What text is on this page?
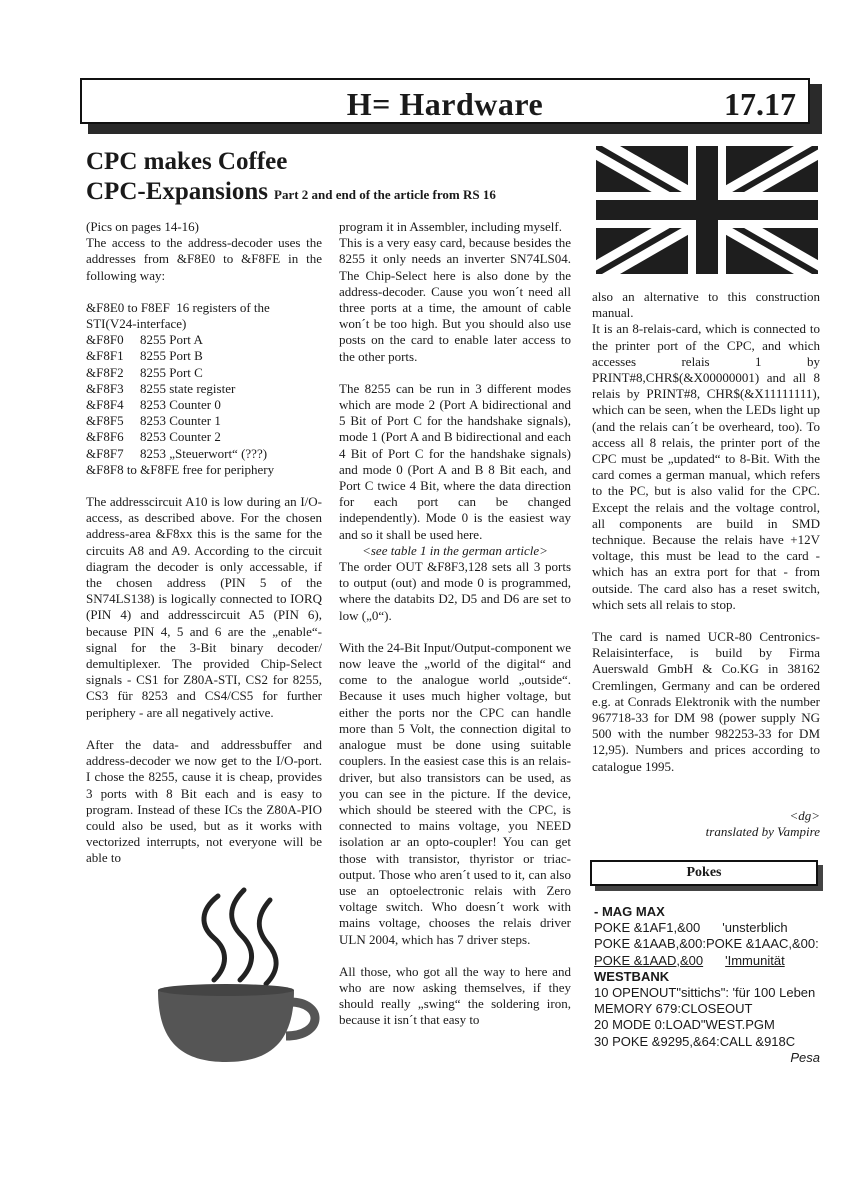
H= Hardware	17.17
CPC makes Coffee
CPC-Expansions Part 2 and end of the article from RS 16

(Pics on pages 14-16)

The access to the address-decoder uses the addresses from &F8E0 to &F8FE in the following way:

&F8E0 to F8EF 16 registers of the STI(V24-interface)

&F8F0	8255 Port A
&F8F1	8255 Port B
&F8F2	8255 Port C
&F8F3	8255 state register
&F8F4	8253 Counter 0
&F8F5	8253 Counter 1
&F8F6	8253 Counter 2
&F8F7	8253 „Steuerwort“ (???)

&F8F8 to &F8FE free for periphery

The addresscircuit A10 is low during an I/O-access, as described above. For the chosen address-area &F8xx this is the same for the circuits A8 and A9. According to the circuit diagram the decoder is only accessable, if the chosen address (PIN 5 of the SN74LS138) is logically connected to IORQ (PIN 4) and addresscircuit A5 (PIN 6), because PIN 4, 5 and 6 are the „enable“-signal for the 3-Bit binary decoder/ demultiplexer. The provided Chip-Select signals - CS1 for Z80A-STI, CS2 for 8255, CS3 für 8253 and CS4/CS5 for further periphery - are all negatively active.

After the data- and addressbuffer and address-decoder we now get to the I/O-port. I chose the 8255, cause it is cheap, provides 3 ports with 8 Bit each and is easy to program. Instead of these ICs the Z80A-PIO could also be used, but as it works with vectorized interrupts, not everyone will be able to

program it in Assembler, including myself.

This is a very easy card, because besides the 8255 it only needs an inverter SN74LS04. The Chip-Select here is also done by the address-decoder. Cause you won´t need all three ports at a time, the amount of cable won´t be too high. But you should also use posts on the card to enable later access to the other ports.

The 8255 can be run in 3 different modes which are mode 2 (Port A bidirectional and 5 Bit of Port C for the handshake signals), mode 1 (Port A and B bidirectional and each 4 Bit of Port C for the handshake signals) and mode 0 (Port A and B 8 Bit each, and Port C twice 4 Bit, where the data direction for each port can be changed independently). Mode 0 is the easiest way and so it shall be used here.

<see table 1 in the german article>

The order OUT &F8F3,128 sets all 3 ports to output (out) and mode 0 is programmed, where the databits D2, D5 and D6 are set to low („0“).

With the 24-Bit Input/Output-component we now leave the „world of the digital“ and come to the analogue world „outside“. Because it uses much higher voltage, but either the ports nor the CPC can handle more than 5 Volt, the connection digital to analogue must be done using suitable couplers. In the easiest case this is an relais-driver, but also transistors can be used, as you can see in the picture. If the device, which should be steered with the CPC, is connected to mains voltage, you NEED isolation ar an opto-coupler! You can get those with transistor, thyristor or triac-output. Those who aren´t used to it, can also use an optoelectronic relais with Zero voltage switch. Who doesn´t work with mains voltage, chooses the relais driver ULN 2004, which has 7 driver steps.

All those, who got all the way to here and who are now asking themselves, if they should really „swing“ the soldering iron, because it isn´t that easy to

also an alternative to this construction manual.

It is an 8-relais-card, which is connected to the printer port of the CPC, and which accesses relais 1 by PRINT#8,CHR$(&X00000001) and all 8 relais by PRINT#8, CHR$(&X11111111), which can be seen, when the LEDs light up (and the relais can´t be overheard, too). To access all 8 relais, the printer port of the CPC must be „updated“ to 8-Bit. With the card comes a german manual, which refers to the PC, but is also valid for the CPC. Except the relais and the voltage control, all components are build in SMD technique. Because the relais have +12V voltage, this must be lead to the card - which has an extra port for that - from outside. The card also has a reset switch, which sets all relais to stop.

The card is named UCR-80 Centronics-Relaisinterface, is build by Firma Auerswald GmbH & Co.KG in 38162 Cremlingen, Germany and can be ordered e.g. at Conrads Elektronik with the number 967718-33 for DM 98 (power supply NG 500 with the number 982253-33 for DM 12,95). Numbers and prices according to catalogue 1995.

<dg>

translated by Vampire

Pokes

- MAG MAX

POKE &1AF1,&00 'unsterblich

POKE &1AAB,&00:POKE &1AAC,&00:

POKE &1AAD,&00 'Immunität

WESTBANK

10 OPENOUT"sittichs": 'für 100 Leben

MEMORY 679:CLOSEOUT

20 MODE 0:LOAD"WEST.PGM

30 POKE &9295,&64:CALL &918C

Pesa
